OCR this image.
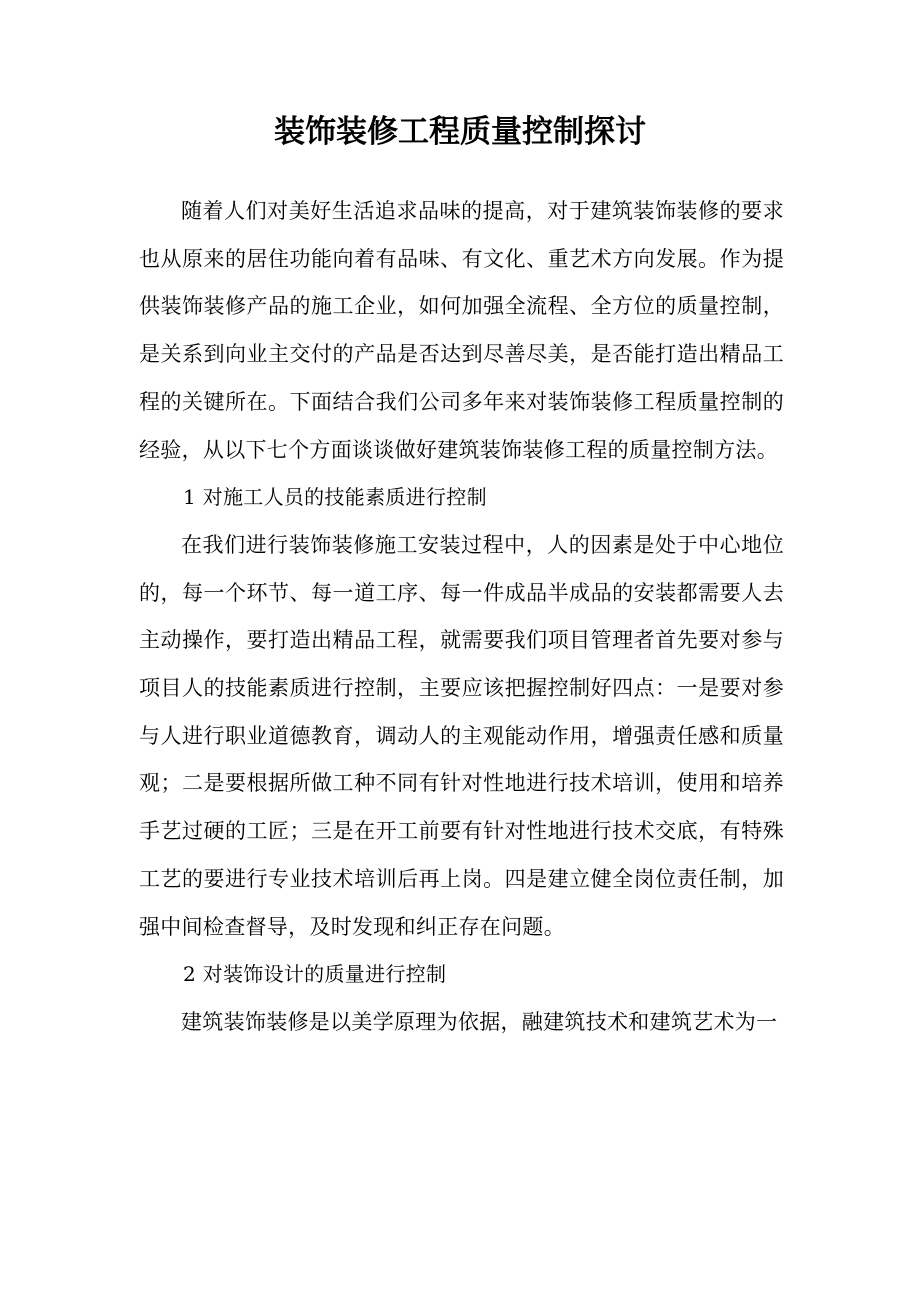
装饰装修工程质量控制探讨

随着人们对美好生活追求品味的提高，对于建筑装饰装修的要求也从原来的居住功能向着有品味、有文化、重艺术方向发展。作为提供装饰装修产品的施工企业，如何加强全流程、全方位的质量控制，是关系到向业主交付的产品是否达到尽善尽美，是否能打造出精品工程的关键所在。下面结合我们公司多年来对装饰装修工程质量控制的经验，从以下七个方面谈谈做好建筑装饰装修工程的质量控制方法。

1 对施工人员的技能素质进行控制

在我们进行装饰装修施工安装过程中，人的因素是处于中心地位的，每一个环节、每一道工序、每一件成品半成品的安装都需要人去主动操作，要打造出精品工程，就需要我们项目管理者首先要对参与项目人的技能素质进行控制，主要应该把握控制好四点：一是要对参与人进行职业道德教育，调动人的主观能动作用，增强责任感和质量观；二是要根据所做工种不同有针对性地进行技术培训，使用和培养手艺过硬的工匠；三是在开工前要有针对性地进行技术交底，有特殊工艺的要进行专业技术培训后再上岗。四是建立健全岗位责任制，加强中间检查督导，及时发现和纠正存在问题。

2 对装饰设计的质量进行控制

建筑装饰装修是以美学原理为依据，融建筑技术和建筑艺术为一
